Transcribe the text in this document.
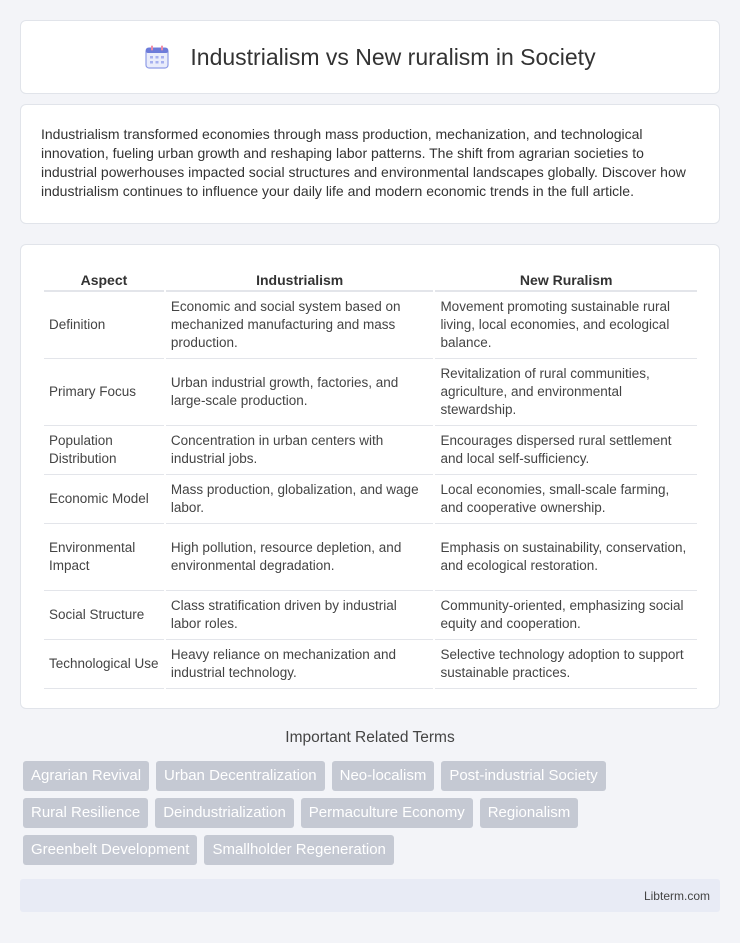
Industrialism vs New ruralism in Society

Industrialism transformed economies through mass production, mechanization, and technological innovation, fueling urban growth and reshaping labor patterns. The shift from agrarian societies to industrial powerhouses impacted social structures and environmental landscapes globally. Discover how industrialism continues to influence your daily life and modern economic trends in the full article.

Aspect	Industrialism	New Ruralism
Definition	Economic and social system based on mechanized manufacturing and mass production.	Movement promoting sustainable rural living, local economies, and ecological balance.
Primary Focus	Urban industrial growth, factories, and large-scale production.	Revitalization of rural communities, agriculture, and environmental stewardship.
Population Distribution	Concentration in urban centers with industrial jobs.	Encourages dispersed rural settlement and local self-sufficiency.
Economic Model	Mass production, globalization, and wage labor.	Local economies, small-scale farming, and cooperative ownership.
Environmental Impact	High pollution, resource depletion, and environmental degradation.	Emphasis on sustainability, conservation, and ecological restoration.
Social Structure	Class stratification driven by industrial labor roles.	Community-oriented, emphasizing social equity and cooperation.
Technological Use	Heavy reliance on mechanization and industrial technology.	Selective technology adoption to support sustainable practices.
Important Related Terms
Agrarian Revival	Urban Decentralization	Neo-localism	Post-industrial Society
Rural Resilience	Deindustrialization	Permaculture Economy	Regionalism
Greenbelt Development	Smallholder Regeneration
Libterm.com
